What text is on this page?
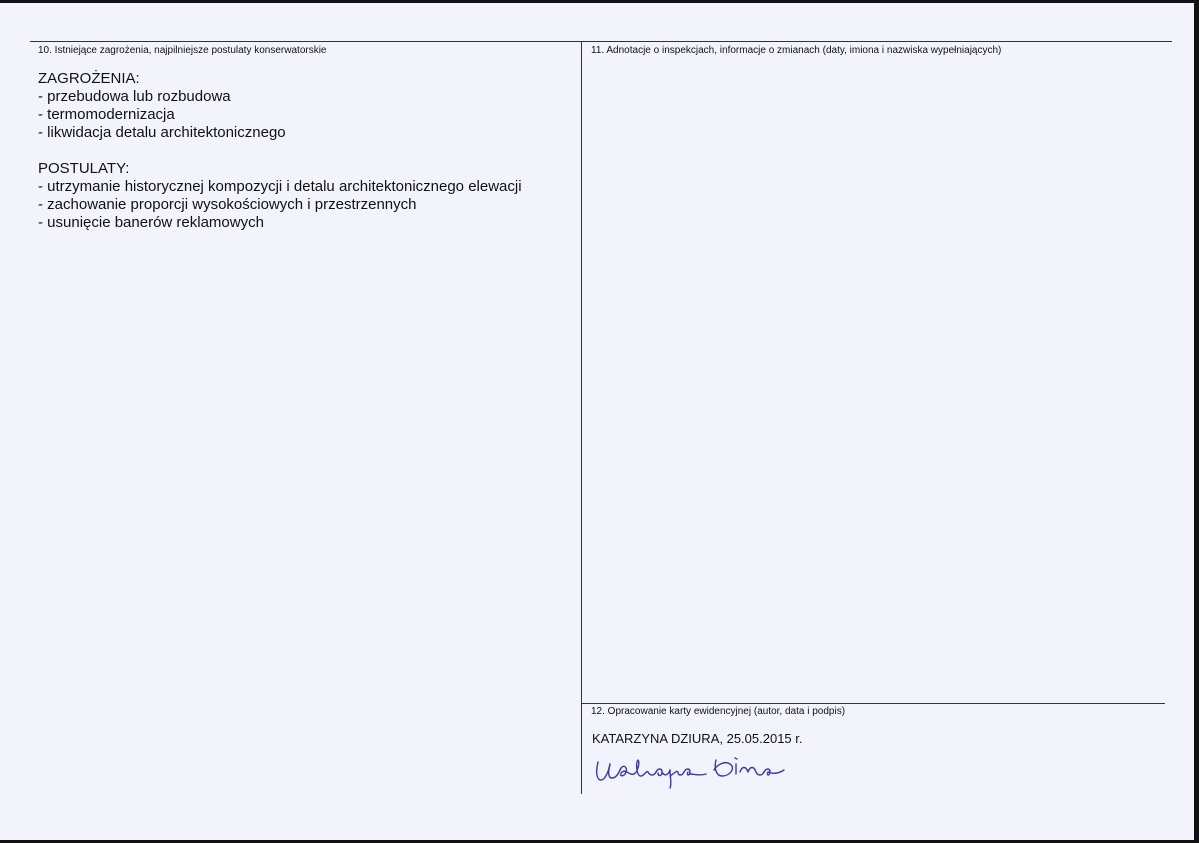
10. Istniejące zagrożenia, najpilniejsze postulaty konserwatorskie

ZAGROŻENIA:

- przebudowa lub rozbudowa

- termomodernizacja

- likwidacja detalu architektonicznego

POSTULATY:

- utrzymanie historycznej kompozycji i detalu architektonicznego elewacji

- zachowanie proporcji wysokościowych i przestrzennych

- usunięcie banerów reklamowych

11. Adnotacje o inspekcjach, informacje o zmianach (daty, imiona i nazwiska wypełniających)
12. Opracowanie karty ewidencyjnej (autor, data i podpis)
KATARZYNA DZIURA, 25.05.2015 r.
